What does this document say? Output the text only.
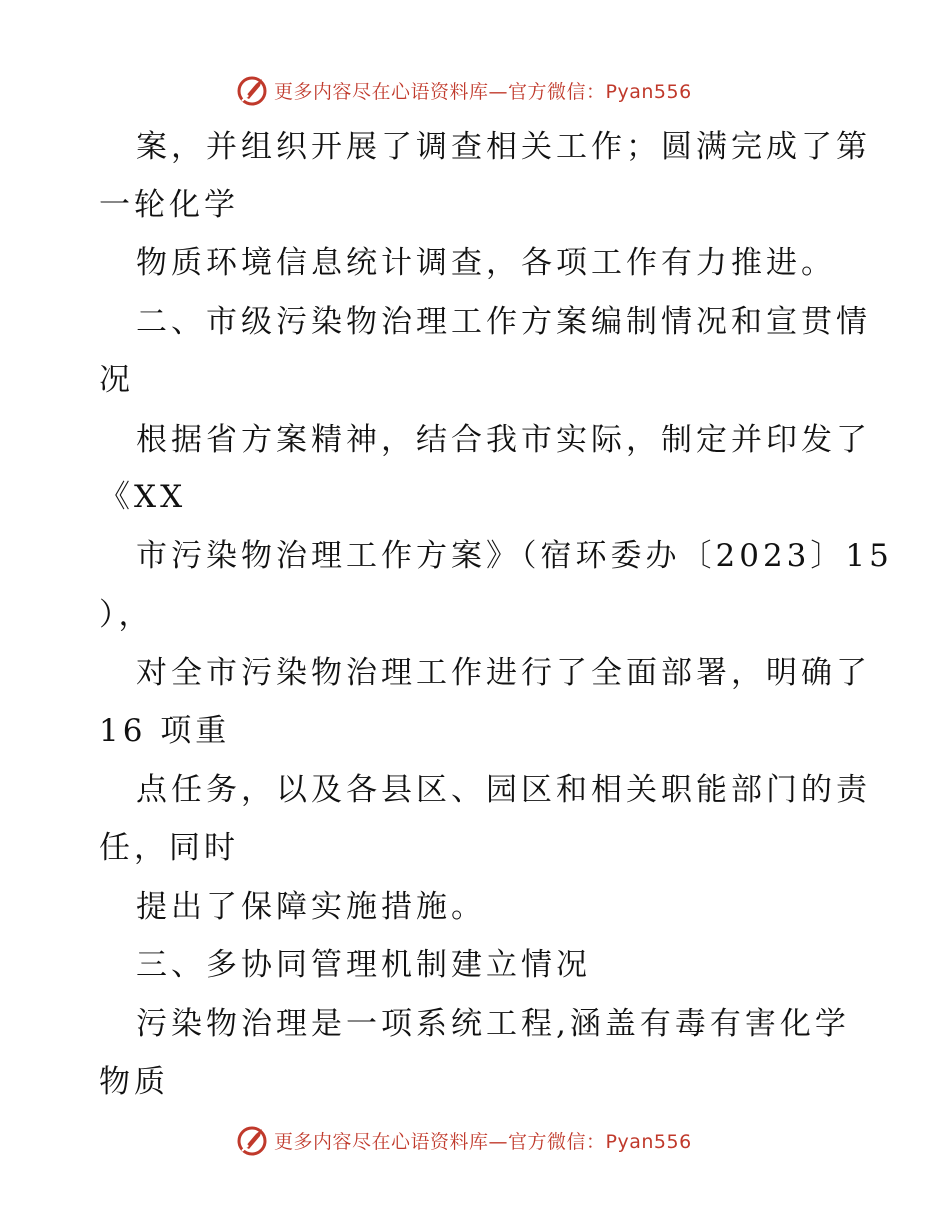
更多内容尽在心语资料库—官方微信：Pyan556
案，并组织开展了调查相关工作；圆满完成了第
一轮化学
物质环境信息统计调查，各项工作有力推进。
二、市级污染物治理工作方案编制情况和宣贯情
况
根据省方案精神，结合我市实际，制定并印发了
《XX
市污染物治理工作方案》（宿环委办〔2023〕15
），
对全市污染物治理工作进行了全面部署，明确了
16 项重
点任务，以及各县区、园区和相关职能部门的责
任，同时
提出了保障实施措施。
三、多协同管理机制建立情况
污染物治理是一项系统工程,涵盖有毒有害化学
物质
更多内容尽在心语资料库—官方微信：Pyan556
